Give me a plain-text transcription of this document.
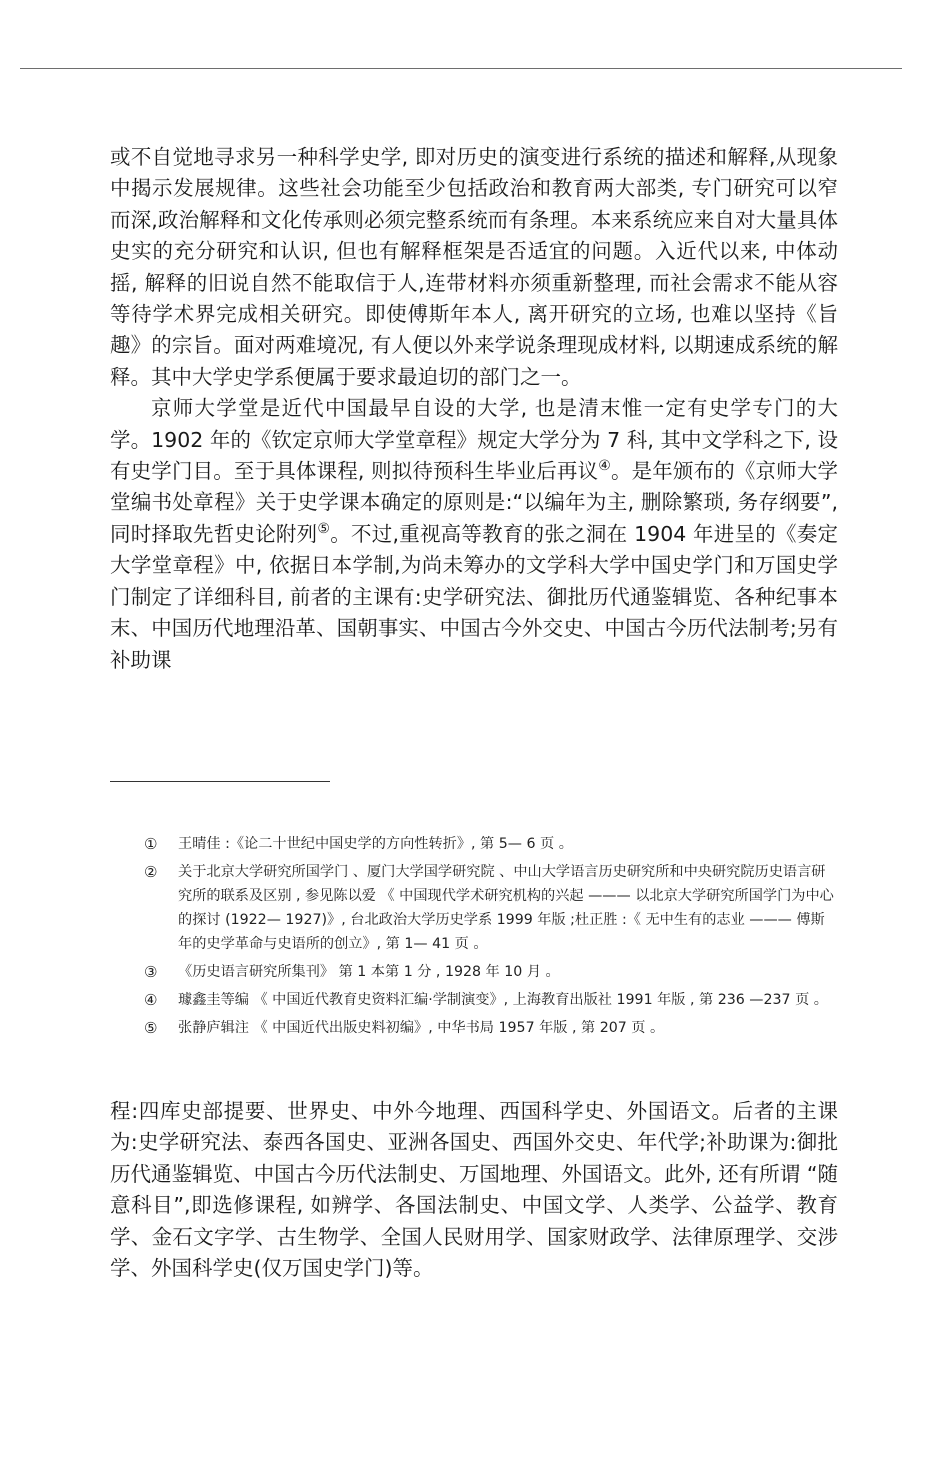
或不自觉地寻求另一种科学史学, 即对历史的演变进行系统的描述和解释,从现象中揭示发展规律。这些社会功能至少包括政治和教育两大部类, 专门研究可以窄而深,政治解释和文化传承则必须完整系统而有条理。本来系统应来自对大量具体史实的充分研究和认识, 但也有解释框架是否适宜的问题。入近代以来, 中体动摇, 解释的旧说自然不能取信于人,连带材料亦须重新整理, 而社会需求不能从容等待学术界完成相关研究。即使傅斯年本人, 离开研究的立场, 也难以坚持《旨趣》的宗旨。面对两难境况, 有人便以外来学说条理现成材料, 以期速成系统的解释。其中大学史学系便属于要求最迫切的部门之一。

京师大学堂是近代中国最早自设的大学, 也是清末惟一定有史学专门的大学。1902 年的《钦定京师大学堂章程》规定大学分为 7 科, 其中文学科之下, 设有史学门目。至于具体课程, 则拟待预科生毕业后再议④。是年颁布的《京师大学堂编书处章程》关于史学课本确定的原则是:“以编年为主, 删除繁琐, 务存纲要”, 同时择取先哲史论附列⑤。不过,重视高等教育的张之洞在 1904 年进呈的《奏定大学堂章程》中, 依据日本学制,为尚未筹办的文学科大学中国史学门和万国史学门制定了详细科目, 前者的主课有:史学研究法、御批历代通鉴辑览、各种纪事本末、中国历代地理沿革、国朝事实、中国古今外交史、中国古今历代法制考;另有补助课

① 王晴佳 :《论二十世纪中国史学的方向性转折》, 第 5— 6 页 。
② 关于北京大学研究所国学门 、厦门大学国学研究院 、中山大学语言历史研究所和中央研究院历史语言研究所的联系及区别 , 参见陈以爱 《 中国现代学术研究机构的兴起 ——— 以北京大学研究所国学门为中心的探讨 (1922— 1927)》, 台北政治大学历史学系 1999 年版 ;杜正胜 :《 无中生有的志业 ——— 傅斯年的史学革命与史语所的创立》, 第 1— 41 页 。
③ 《历史语言研究所集刊》 第 1 本第 1 分 , 1928 年 10 月 。
④ 璩鑫圭等编 《 中国近代教育史资料汇编·学制演变》, 上海教育出版社 1991 年版 , 第 236 —237 页 。
⑤ 张静庐辑注 《 中国近代出版史料初编》, 中华书局 1957 年版 , 第 207 页 。

程:四库史部提要、世界史、中外今地理、西国科学史、外国语文。后者的主课为:史学研究法、泰西各国史、亚洲各国史、西国外交史、年代学;补助课为:御批历代通鉴辑览、中国古今历代法制史、万国地理、外国语文。此外, 还有所谓 “随意科目”,即选修课程, 如辨学、各国法制史、中国文学、人类学、公益学、教育学、金石文字学、古生物学、全国人民财用学、国家财政学、法律原理学、交涉学、外国科学史(仅万国史学门)等。
